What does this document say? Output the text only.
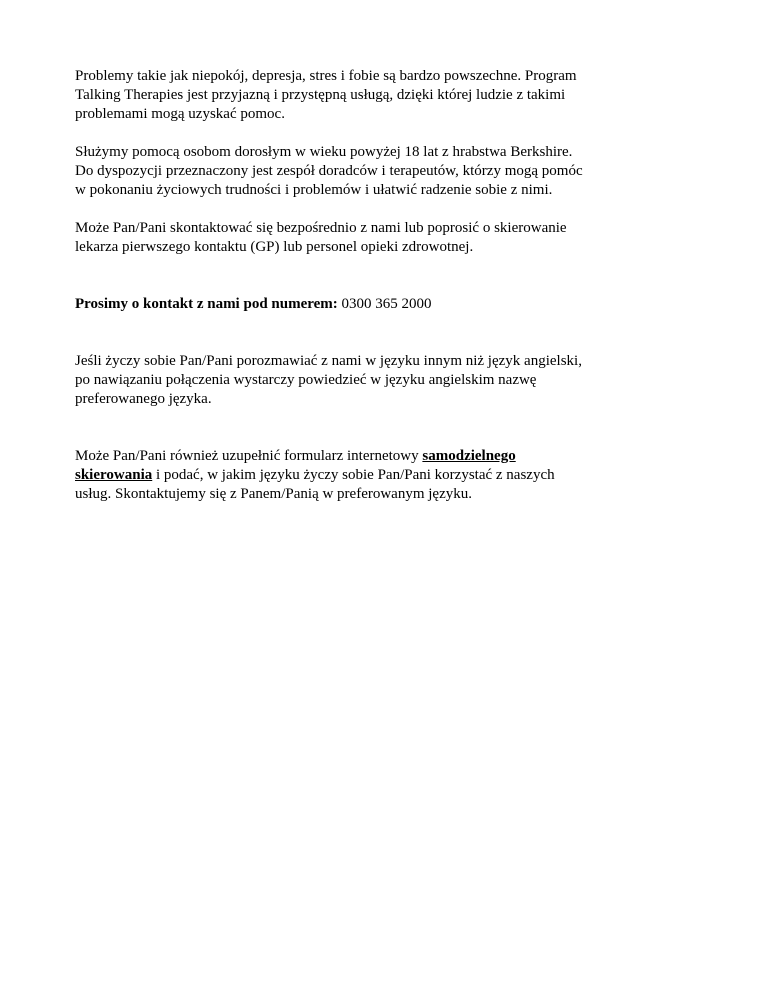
Problemy takie jak niepokój, depresja, stres i fobie są bardzo powszechne. Program
Talking Therapies jest przyjazną i przystępną usługą, dzięki której ludzie z takimi
problemami mogą uzyskać pomoc.

Służymy pomocą osobom dorosłym w wieku powyżej 18 lat z hrabstwa Berkshire.
Do dyspozycji przeznaczony jest zespół doradców i terapeutów, którzy mogą pomóc
w pokonaniu życiowych trudności i problemów i ułatwić radzenie sobie z nimi.

Może Pan/Pani skontaktować się bezpośrednio z nami lub poprosić o skierowanie
lekarza pierwszego kontaktu (GP) lub personel opieki zdrowotnej.

Prosimy o kontakt z nami pod numerem: 0300 365 2000

Jeśli życzy sobie Pan/Pani porozmawiać z nami w języku innym niż język angielski,
po nawiązaniu połączenia wystarczy powiedzieć w języku angielskim nazwę
preferowanego języka.

Może Pan/Pani również uzupełnić formularz internetowy samodzielnego
skierowania i podać, w jakim języku życzy sobie Pan/Pani korzystać z naszych
usług. Skontaktujemy się z Panem/Panią w preferowanym języku.
